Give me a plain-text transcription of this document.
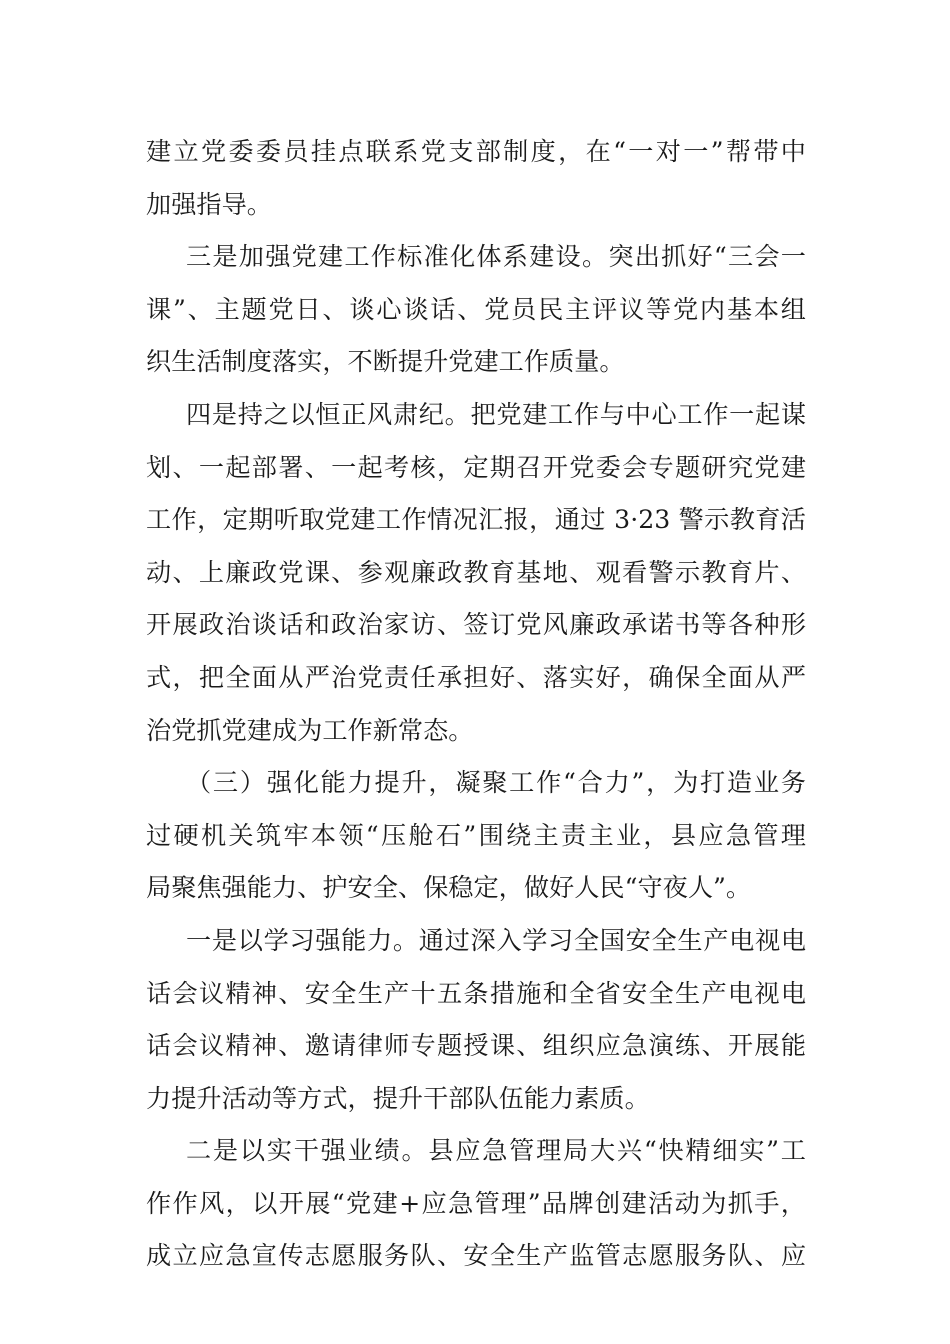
建立党委委员挂点联系党支部制度，在“一对一”帮带中
加强指导。
三是加强党建工作标准化体系建设。突出抓好“三会一
课”、主题党日、谈心谈话、党员民主评议等党内基本组
织生活制度落实，不断提升党建工作质量。
四是持之以恒正风肃纪。把党建工作与中心工作一起谋
划、一起部署、一起考核，定期召开党委会专题研究党建
工作，定期听取党建工作情况汇报，通过 3·23 警示教育活
动、上廉政党课、参观廉政教育基地、观看警示教育片、
开展政治谈话和政治家访、签订党风廉政承诺书等各种形
式，把全面从严治党责任承担好、落实好，确保全面从严
治党抓党建成为工作新常态。
（三）强化能力提升，凝聚工作“合力”，为打造业务
过硬机关筑牢本领“压舱石”围绕主责主业，县应急管理
局聚焦强能力、护安全、保稳定，做好人民“守夜人”。
一是以学习强能力。通过深入学习全国安全生产电视电
话会议精神、安全生产十五条措施和全省安全生产电视电
话会议精神、邀请律师专题授课、组织应急演练、开展能
力提升活动等方式，提升干部队伍能力素质。
二是以实干强业绩。县应急管理局大兴“快精细实”工
作作风，以开展“党建+应急管理”品牌创建活动为抓手，
成立应急宣传志愿服务队、安全生产监管志愿服务队、应
